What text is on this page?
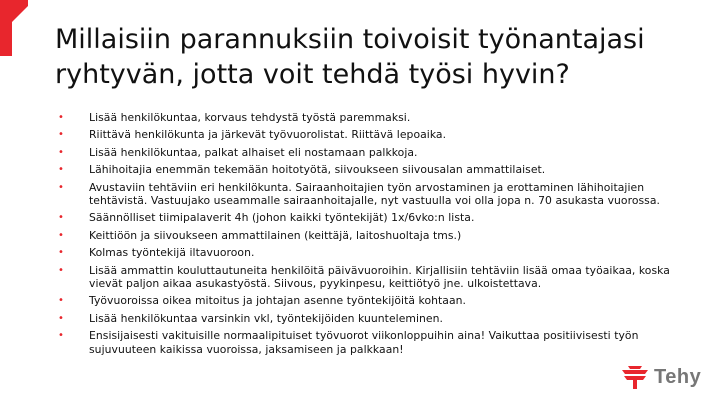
Millaisiin parannuksiin toivoisit työnantajasi ryhtyvän, jotta voit tehdä työsi hyvin?
• Lisää henkilökuntaa, korvaus tehdystä työstä paremmaksi.
• Riittävä henkilökunta ja järkevät työvuorolistat. Riittävä lepoaika.
• Lisää henkilökuntaa, palkat alhaiset eli nostamaan palkkoja.
• Lähihoitajia enemmän tekemään hoitotyötä, siivoukseen siivousalan ammattilaiset.
• Avustaviin tehtäviin eri henkilökunta. Sairaanhoitajien työn arvostaminen ja erottaminen lähihoitajien tehtävistä. Vastuujako useammalle sairaanhoitajalle, nyt vastuulla voi olla jopa n. 70 asukasta vuorossa.
• Säännölliset tiimipalaverit 4h (johon kaikki työntekijät) 1x/6vko:n lista.
• Keittiöön ja siivoukseen ammattilainen (keittäjä, laitoshuoltaja tms.)
• Kolmas työntekijä iltavuoroon.
• Lisää ammattin kouluttautuneita henkilöitä päivävuoroihin. Kirjallisiin tehtäviin lisää omaa työaikaa, koska vievät paljon aikaa asukastyöstä. Siivous, pyykinpesu, keittiötyö jne. ulkoistettava.
• Työvuoroissa oikea mitoitus ja johtajan asenne työntekijöitä kohtaan.
• Lisää henkilökuntaa varsinkin vkl, työntekijöiden kuunteleminen.
• Ensisijaisesti vakituisille normaalipituiset työvuorot viikonloppuihin aina! Vaikuttaa positiivisesti työn sujuvuuteen kaikissa vuoroissa, jaksamiseen ja palkkaan!
Tehy
